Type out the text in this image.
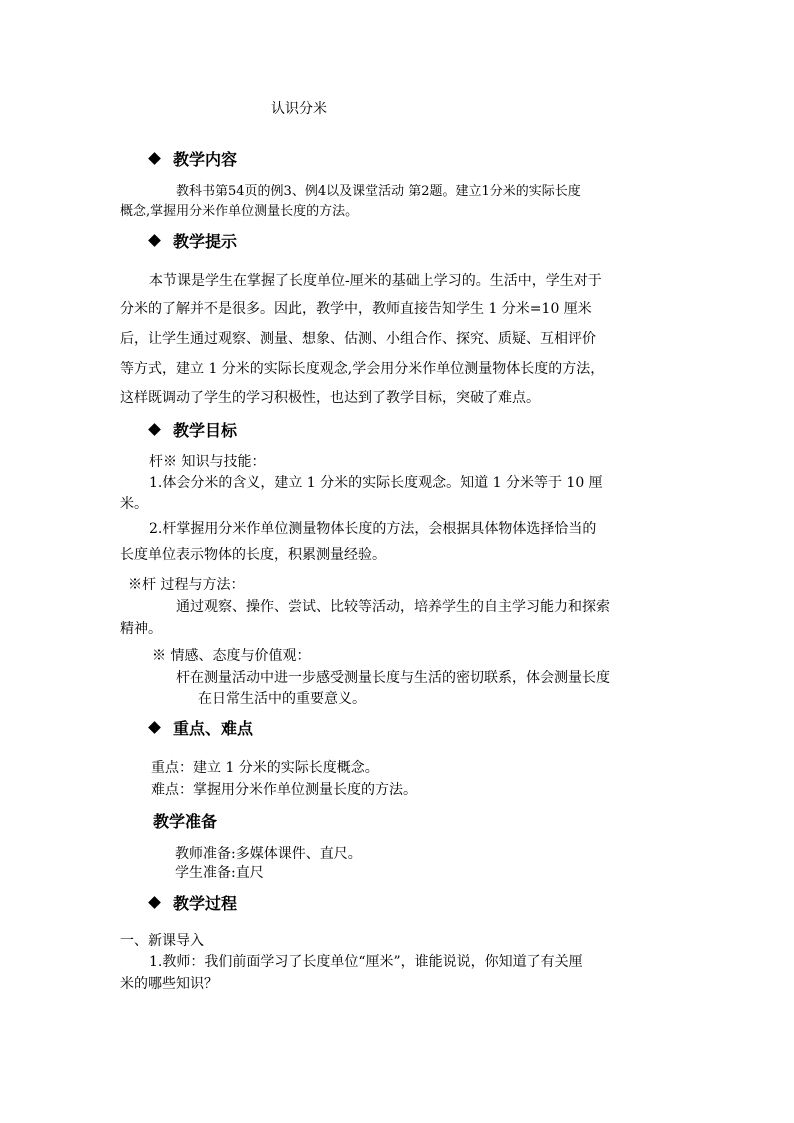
认识分米
教学内容
教科书第54页的例3、例4以及课堂活动 第2题。建立1分米的实际长度
概念,掌握用分米作单位测量长度的方法。
教学提示
本节课是学生在掌握了长度单位-厘米的基础上学习的。生活中，学生对于
分米的了解并不是很多。因此，教学中，教师直接告知学生 1 分米=10 厘米
后，让学生通过观察、测量、想象、估测、小组合作、探究、质疑、互相评价
等方式，建立 1 分米的实际长度观念,学会用分米作单位测量物体长度的方法，
这样既调动了学生的学习积极性，也达到了教学目标，突破了难点。
教学目标
杆※ 知识与技能：
1.体会分米的含义，建立 1 分米的实际长度观念。知道 1 分米等于 10 厘
米。
2.杆掌握用分米作单位测量物体长度的方法，会根据具体物体选择恰当的
长度单位表示物体的长度，积累测量经验。
※杆 过程与方法：
通过观察、操作、尝试、比较等活动，培养学生的自主学习能力和探索
精神。
※ 情感、态度与价值观：
杆在测量活动中进一步感受测量长度与生活的密切联系，体会测量长度
在日常生活中的重要意义。
重点、难点
重点：建立 1 分米的实际长度概念。
难点：掌握用分米作单位测量长度的方法。
教学准备
教师准备:多媒体课件、直尺。
学生准备:直尺
教学过程
一、新课导入
1.教师：我们前面学习了长度单位“厘米”，谁能说说，你知道了有关厘
米的哪些知识？
